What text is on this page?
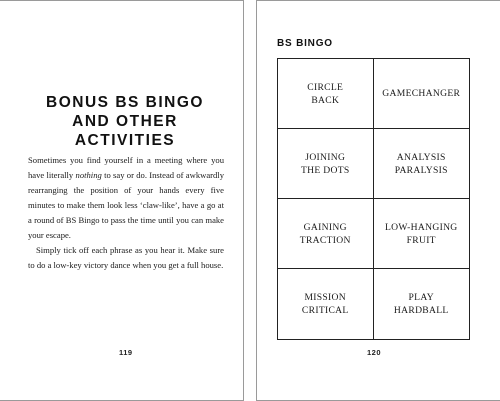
BONUS BS BINGO
AND OTHER ACTIVITIES

Sometimes you find yourself in a meeting where you have literally nothing to say or do. Instead of awkwardly rearranging the position of your hands every five minutes to make them look less ‘claw-like’, have a go at a round of BS Bingo to pass the time until you can make your escape.

Simply tick off each phrase as you hear it. Make sure to do a low-key victory dance when you get a full house.

119
BS BINGO
CIRCLE
BACK
GAMECHANGER
JOINING
THE DOTS
ANALYSIS
PARALYSIS
GAINING
TRACTION
LOW-HANGING
FRUIT
MISSION
CRITICAL
PLAY
HARDBALL
120
